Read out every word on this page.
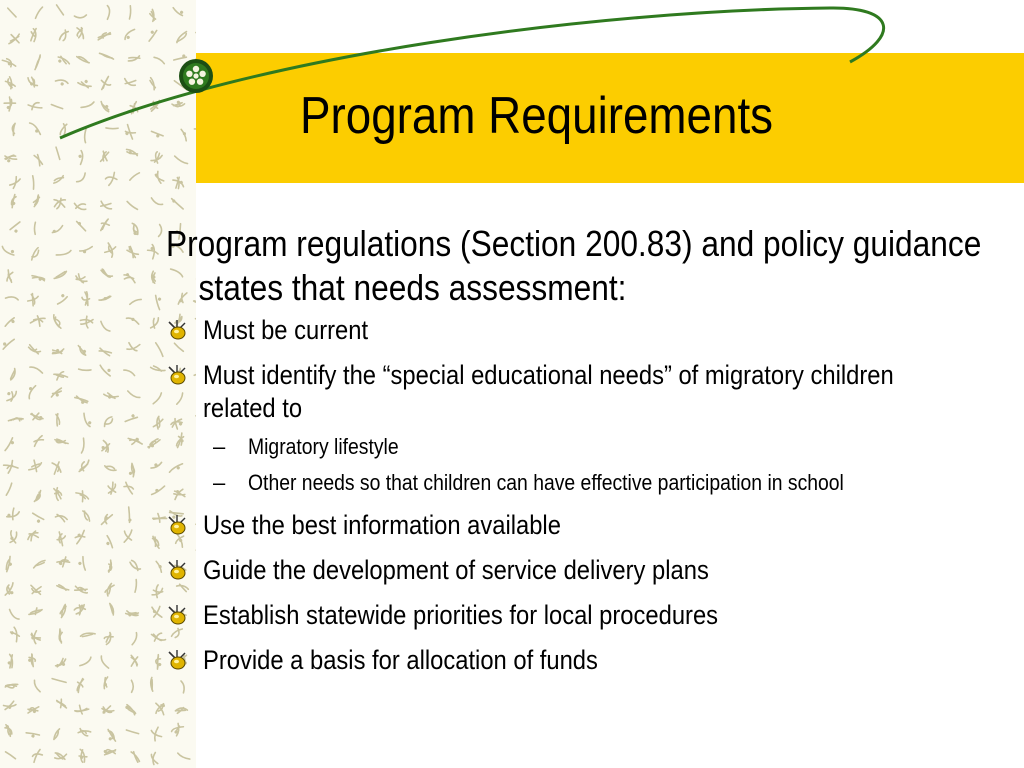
Program Requirements
Program regulations (Section 200.83) and policy guidance states that needs assessment:
Must be current
Must identify the “special educational needs” of migratory children related to
– Migratory lifestyle
– Other needs so that children can have effective participation in school
Use the best information available
Guide the development of service delivery plans
Establish statewide priorities for local procedures
Provide a basis for allocation of funds
